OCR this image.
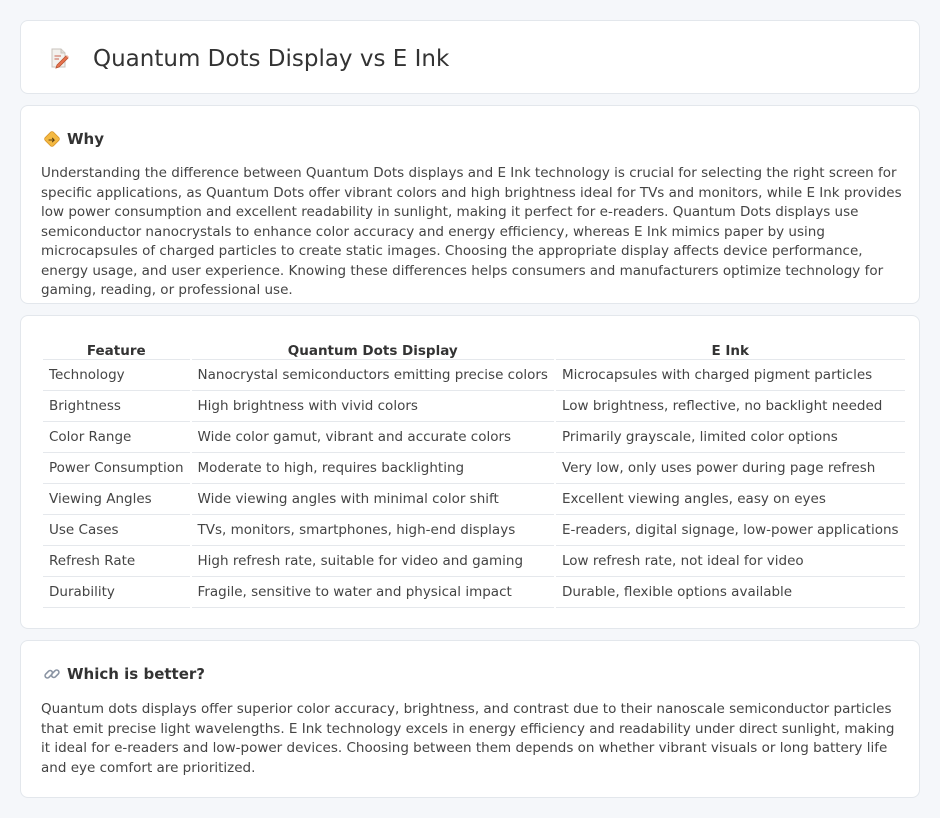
Quantum Dots Display vs E Ink
Why

Understanding the difference between Quantum Dots displays and E Ink technology is crucial for selecting the right screen for specific applications, as Quantum Dots offer vibrant colors and high brightness ideal for TVs and monitors, while E Ink provides low power consumption and excellent readability in sunlight, making it perfect for e-readers. Quantum Dots displays use semiconductor nanocrystals to enhance color accuracy and energy efficiency, whereas E Ink mimics paper by using microcapsules of charged particles to create static images. Choosing the appropriate display affects device performance, energy usage, and user experience. Knowing these differences helps consumers and manufacturers optimize technology for gaming, reading, or professional use.

Feature	Quantum Dots Display	E Ink
Technology	Nanocrystal semiconductors emitting precise colors	Microcapsules with charged pigment particles
Brightness	High brightness with vivid colors	Low brightness, reflective, no backlight needed
Color Range	Wide color gamut, vibrant and accurate colors	Primarily grayscale, limited color options
Power Consumption	Moderate to high, requires backlighting	Very low, only uses power during page refresh
Viewing Angles	Wide viewing angles with minimal color shift	Excellent viewing angles, easy on eyes
Use Cases	TVs, monitors, smartphones, high-end displays	E-readers, digital signage, low-power applications
Refresh Rate	High refresh rate, suitable for video and gaming	Low refresh rate, not ideal for video
Durability	Fragile, sensitive to water and physical impact	Durable, flexible options available
Which is better?

Quantum dots displays offer superior color accuracy, brightness, and contrast due to their nanoscale semiconductor particles that emit precise light wavelengths. E Ink technology excels in energy efficiency and readability under direct sunlight, making it ideal for e-readers and low-power devices. Choosing between them depends on whether vibrant visuals or long battery life and eye comfort are prioritized.
